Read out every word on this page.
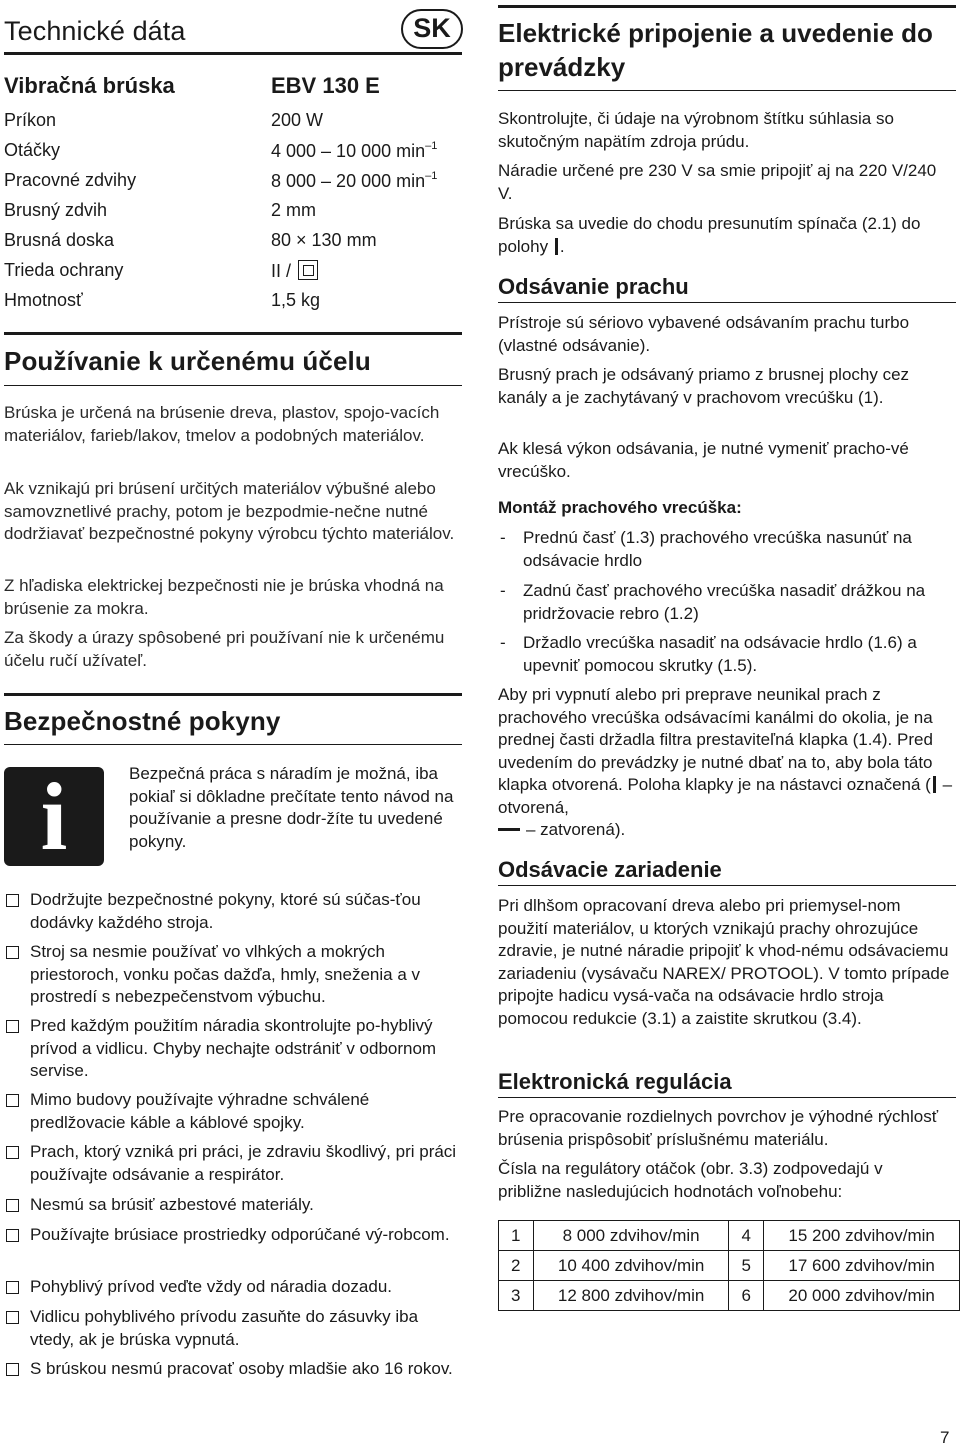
Technické dáta	SK
Vibračná brúska	EBV 130 E
Príkon	200 W
Otáčky	4 000 – 10 000 $\min^{-1}$
Pracovné zdvihy	8 000 – 20 000 $\min^{-1}$
Brusný zdvih	2 mm
Brusná doska	80 × 130 mm
Trieda ochrany	II /
Hmotnosť	1,5 kg
Používanie k určenému účelu
Brúska je určená na brúsenie dreva, plastov, spojo-vacích materiálov, farieb/lakov, tmelov a podobných materiálov.
Ak vznikajú pri brúsení určitých materiálov výbušné alebo samovznetlivé prachy, potom je bezpodmie-nečne nutné dodržiavať bezpečnostné pokyny výrobcu týchto materiálov.
Z hľadiska elektrickej bezpečnosti nie je brúska vhodná na brúsenie za mokra.
Za škody a úrazy spôsobené pri používaní nie k určenému účelu ručí užívateľ.
Bezpečnostné pokyny
Bezpečná práca s náradím je možná, iba pokiaľ si dôkladne prečítate tento návod na používanie a presne dodr-žíte tu uvedené pokyny.
Dodržujte bezpečnostné pokyny, ktoré sú súčas-ťou dodávky každého stroja.
Stroj sa nesmie používať vo vlhkých a mokrých priestoroch, vonku počas dažďa, hmly, sneženia a v prostredí s nebezpečenstvom výbuchu.
Pred každým použitím náradia skontrolujte po-hyblivý prívod a vidlicu. Chyby nechajte odstrániť v odbornom servise.
Mimo budovy používajte výhradne schválené predlžovacie káble a káblové spojky.
Prach, ktorý vzniká pri práci, je zdraviu škodlivý, pri práci používajte odsávanie a respirátor.
Nesmú sa brúsiť azbestové materiály.
Používajte brúsiace prostriedky odporúčané vý-robcom.
Pohyblivý prívod veďte vždy od náradia dozadu.
Vidlicu pohyblivého prívodu zasuňte do zásuvky iba vtedy, ak je brúska vypnutá.
S brúskou nesmú pracovať osoby mladšie ako 16 rokov.
i
Elektrické pripojenie a uvedenie do prevádzky
Skontrolujte, či údaje na výrobnom štítku súhlasia so skutočným napätím zdroja prúdu.
Náradie určené pre 230 V sa smie pripojiť aj na 220 V/240 V.
Brúska sa uvedie do chodu presunutím spínača (2.1) do polohy .
Odsávanie prachu
Prístroje sú sériovo vybavené odsávaním prachu turbo (vlastné odsávanie).
Brusný prach je odsávaný priamo z brusnej plochy cez kanály a je zachytávaný v prachovom vrecúšku (1).
Ak klesá výkon odsávania, je nutné vymeniť pracho-vé vrecúško.
Montáž prachového vrecúška:
- Prednú časť (1.3) prachového vrecúška nasunúť na odsávacie hrdlo
- Zadnú časť prachového vrecúška nasadiť drážkou na pridržovacie rebro (1.2)
- Držadlo vrecúška nasadiť na odsávacie hrdlo (1.6) a upevniť pomocou skrutky (1.5).
Aby pri vypnutí alebo pri preprave neunikal prach z prachového vrecúška odsávacími kanálmi do okolia, je na prednej časti držadla filtra prestaviteľná klapka (1.4). Pred uvedením do prevádzky je nutné dbať na to, aby bola táto klapka otvorená. Poloha klapky je na nástavci označená ( – otvorená,
– zatvorená).
Odsávacie zariadenie
Pri dlhšom opracovaní dreva alebo pri priemysel-nom použití materiálov, u ktorých vznikajú prachy ohrozujúce zdravie, je nutné náradie pripojiť k vhod-nému odsávaciemu zariadeniu (vysávaču NAREX/ PROTOOL). V tomto prípade pripojte hadicu vysá-vača na odsávacie hrdlo stroja pomocou redukcie (3.1) a zaistite skrutkou (3.4).
Elektronická regulácia
Pre opracovanie rozdielnych povrchov je výhodné rýchlosť brúsenia prispôsobiť príslušnému materiálu.
Čísla na regulátory otáčok (obr. 3.3) zodpovedajú v približne nasledujúcich hodnotách voľnobehu:
1	8 000 zdvihov/min	4	15 200 zdvihov/min
2	10 400 zdvihov/min	5	17 600 zdvihov/min
3	12 800 zdvihov/min	6	20 000 zdvihov/min
7
